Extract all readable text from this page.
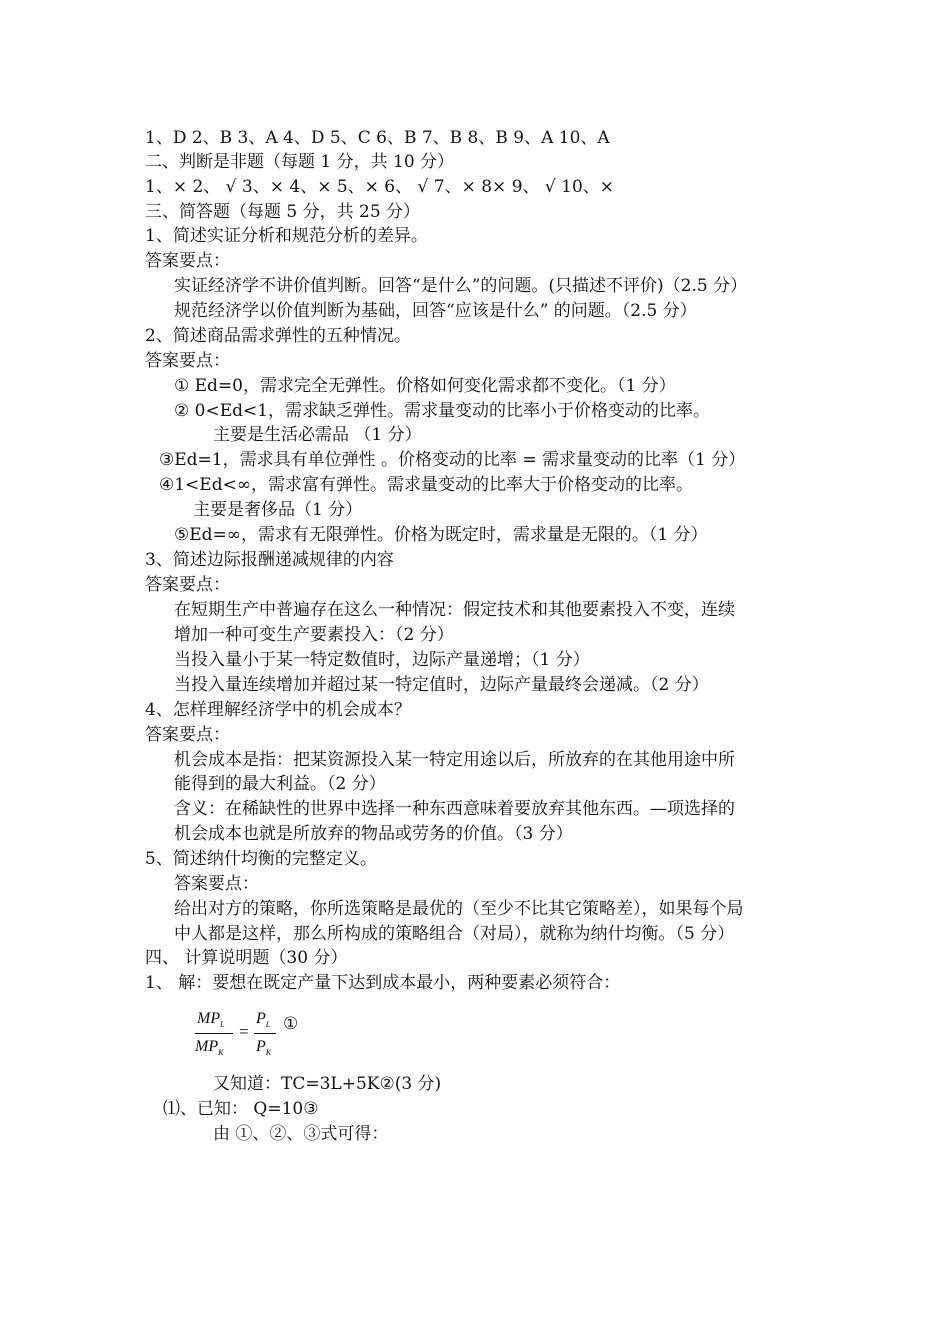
1、D 2、B 3、A 4、D 5、C 6、B 7、B 8、B 9、A 10、A
二、判断是非题（每题 1 分，共 10 分）
1、× 2、 √ 3、× 4、× 5、× 6、 √ 7、× 8× 9、 √ 10、×
三、简答题（每题 5 分，共 25 分）
1、简述实证分析和规范分析的差异。
答案要点：
实证经济学不讲价值判断。回答“是什么”的问题。(只描述不评价)（2.5 分）
规范经济学以价值判断为基础，回答“应该是什么” 的问题。（2.5 分）
2、简述商品需求弹性的五种情况。
答案要点：
① Ed=0，需求完全无弹性。价格如何变化需求都不变化。（1 分）
② 0<Ed<1，需求缺乏弹性。需求量变动的比率小于价格变动的比率。
主要是生活必需品 （1 分）
③Ed=1，需求具有单位弹性 。价格变动的比率 = 需求量变动的比率（1 分）
④1<Ed<∞，需求富有弹性。需求量变动的比率大于价格变动的比率。
主要是奢侈品（1 分）
⑤Ed=∞，需求有无限弹性。价格为既定时，需求量是无限的。（1 分）
3、简述边际报酬递减规律的内容
答案要点：
在短期生产中普遍存在这么一种情况：假定技术和其他要素投入不变，连续
增加一种可变生产要素投入：（2 分）
当投入量小于某一特定数值时，边际产量递增；（1 分）
当投入量连续增加并超过某一特定值时，边际产量最终会递减。（2 分）
4、怎样理解经济学中的机会成本？
答案要点：
机会成本是指：把某资源投入某一特定用途以后，所放弃的在其他用途中所
能得到的最大利益。（2 分）
含义：在稀缺性的世界中选择一种东西意味着要放弃其他东西。—项选择的
机会成本也就是所放弃的物品或劳务的价值。（3 分）
5、简述纳什均衡的完整定义。
答案要点：
给出对方的策略，你所选策略是最优的（至少不比其它策略差），如果每个局
中人都是这样，那么所构成的策略组合（对局），就称为纳什均衡。（5 分）
四、 计算说明题（30 分）
1、 解：要想在既定产量下达到成本最小，两种要素必须符合：
$MP_L$
$MP_K$
=
$P_L$
$P_K$
①
又知道：TC=3L+5K②(3 分)
⑴、已知： Q=10③
由 ①、②、③式可得：
